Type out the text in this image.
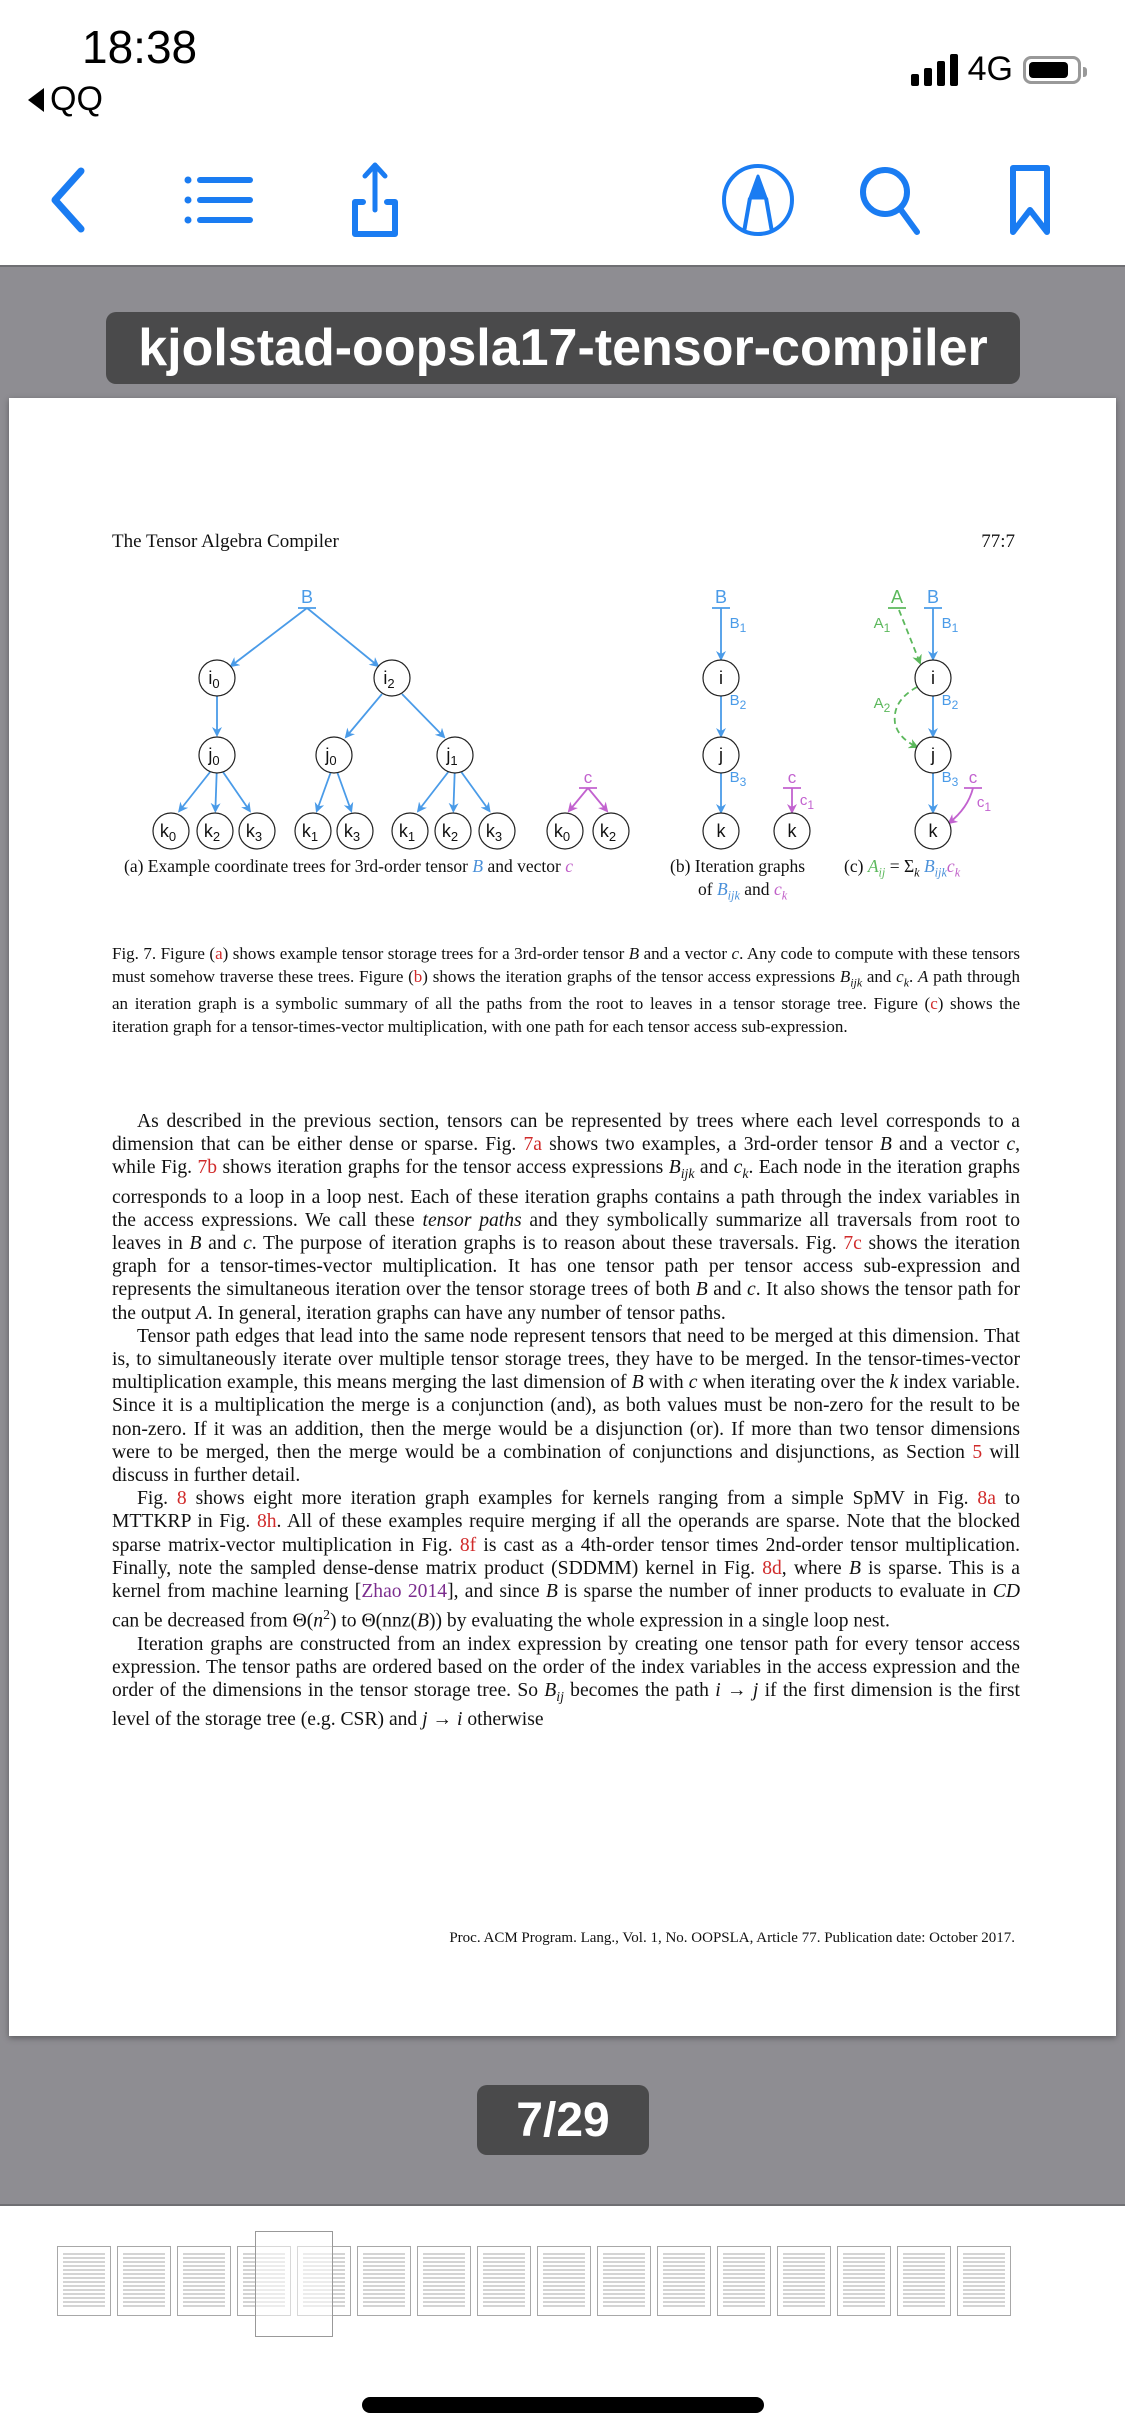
18:38
QQ
4G
kjolstad-oopsla17-tensor-compiler
The Tensor Algebra Compiler	77:7
B
c
B
$B_1$
$B_2$
$B_3$ c
$c_1$
B
A
$B_1$
$B_2$
$B_3$
$A_1$
$A_2$
c
$c_1$
$i_0$	$i_2$
$j_0$	$j_0$	$j_1$
$k_0$ $k_2$ $k_3$ $k_1$ $k_3$ $k_1$ $k_2$ $k_3$	$k_0$ $k_2$
i
j
k	k
i
j
k
(a) Example coordinate trees for 3rd-order tensor B and vector c	(b) Iteration graphs
of $B_{ijk}$ and $c_k$
(c) $A_{ij} = \Sigma_k$ $B_{ijk}c_k$
Fig. 7. Figure (a) shows example tensor storage trees for a 3rd-order tensor B and a vector c. Any code to compute with these tensors must somehow traverse these trees. Figure (b) shows the iteration graphs of the tensor access expressions $B_{ijk}$ and $c_k$. A path through an iteration graph is a symbolic summary of all the paths from the root to leaves in a tensor storage tree. Figure (c) shows the iteration graph for a tensor-times-vector multiplication, with one path for each tensor access sub-expression.

As described in the previous section, tensors can be represented by trees where each level corresponds to a dimension that can be either dense or sparse. Fig. 7a shows two examples, a 3rd-order tensor B and a vector c, while Fig. 7b shows iteration graphs for the tensor access expressions $B_{ijk}$ and $c_k$. Each node in the iteration graphs corresponds to a loop in a loop nest. Each of these iteration graphs contains a path through the index variables in the access expressions. We call these tensor paths and they symbolically summarize all traversals from root to leaves in B and c. The purpose of iteration graphs is to reason about these traversals. Fig. 7c shows the iteration graph for a tensor-times-vector multiplication. It has one tensor path per tensor access sub-expression and represents the simultaneous iteration over the tensor storage trees of both B and c. It also shows the tensor path for the output A. In general, iteration graphs can have any number of tensor paths.

Tensor path edges that lead into the same node represent tensors that need to be merged at this dimension. That is, to simultaneously iterate over multiple tensor storage trees, they have to be merged. In the tensor-times-vector multiplication example, this means merging the last dimension of B with c when iterating over the k index variable. Since it is a multiplication the merge is a conjunction (and), as both values must be non-zero for the result to be non-zero. If it was an addition, then the merge would be a disjunction (or). If more than two tensor dimensions were to be merged, then the merge would be a combination of conjunctions and disjunctions, as Section 5 will discuss in further detail.

Fig. 8 shows eight more iteration graph examples for kernels ranging from a simple SpMV in Fig. 8a to MTTKRP in Fig. 8h. All of these examples require merging if all the operands are sparse. Note that the blocked sparse matrix-vector multiplication in Fig. 8f is cast as a 4th-order tensor times 2nd-order tensor multiplication. Finally, note the sampled dense-dense matrix product (SDDMM) kernel in Fig. 8d, where B is sparse. This is a kernel from machine learning [Zhao 2014], and since B is sparse the number of inner products to evaluate in CD can be decreased from $\Theta(n^2)$ to Θ(nnz(B)) by evaluating the whole expression in a single loop nest.

Iteration graphs are constructed from an index expression by creating one tensor path for every tensor access expression. The tensor paths are ordered based on the order of the index variables in the access expression and the order of the dimensions in the tensor storage tree. So $B_{ij}$ becomes the path i → j if the first dimension is the first level of the storage tree (e.g. CSR) and j → i otherwise

Proc. ACM Program. Lang., Vol. 1, No. OOPSLA, Article 77. Publication date: October 2017.
7/29
